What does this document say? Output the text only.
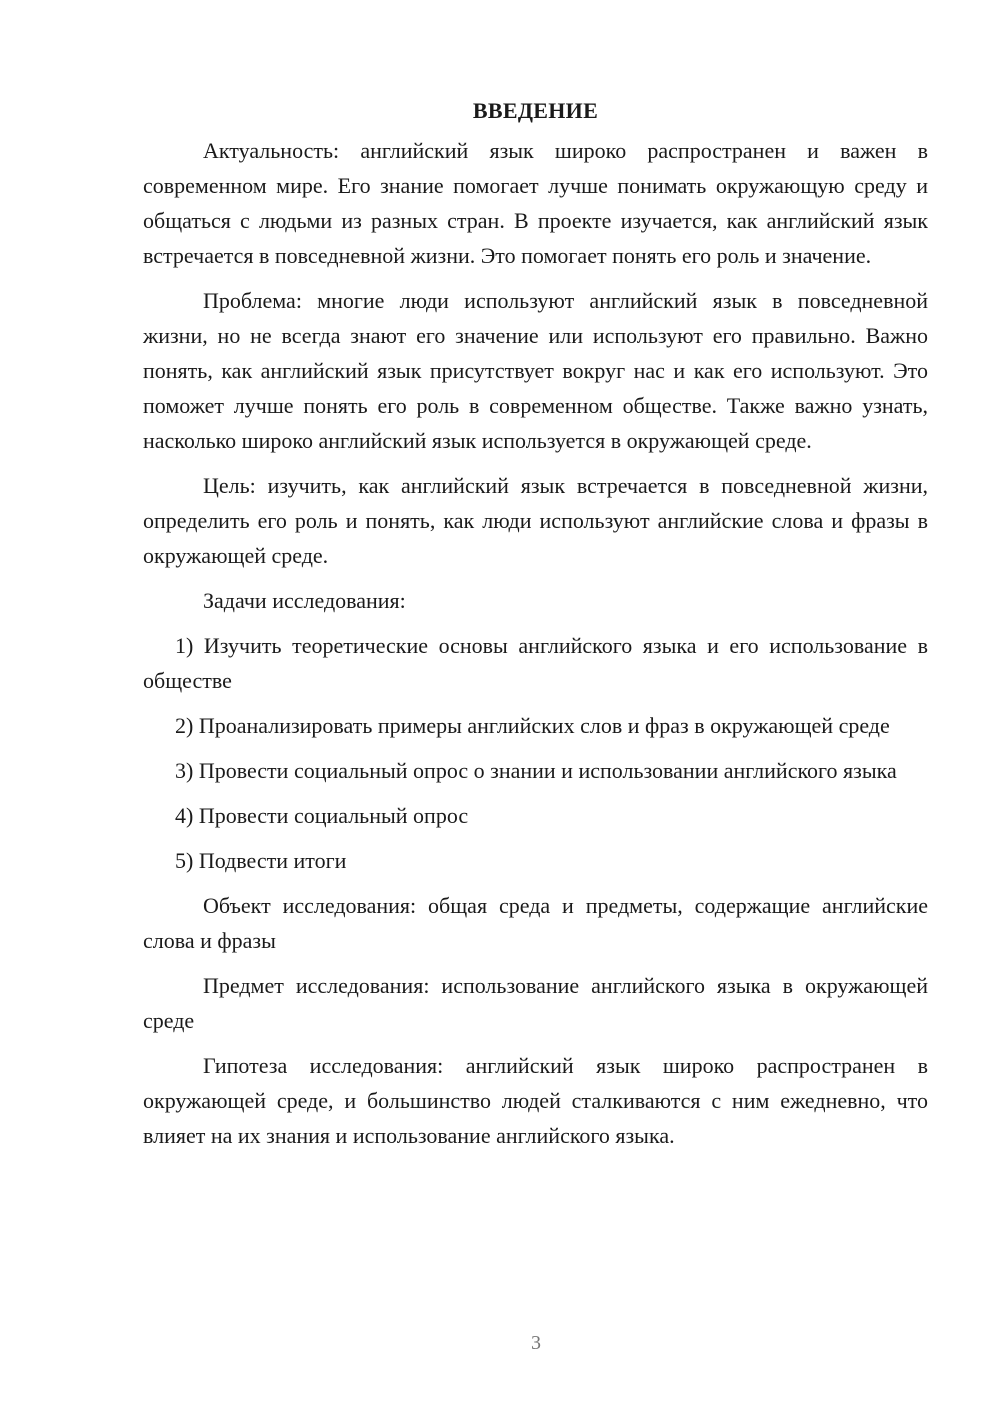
ВВЕДЕНИЕ

Актуальность: английский язык широко распространен и важен в современном мире. Его знание помогает лучше понимать окружающую среду и общаться с людьми из разных стран. В проекте изучается, как английский язык встречается в повседневной жизни. Это помогает понять его роль и значение.

Проблема: многие люди используют английский язык в повседневной жизни, но не всегда знают его значение или используют его правильно. Важно понять, как английский язык присутствует вокруг нас и как его используют. Это поможет лучше понять его роль в современном обществе. Также важно узнать, насколько широко английский язык используется в окружающей среде.

Цель: изучить, как английский язык встречается в повседневной жизни, определить его роль и понять, как люди используют английские слова и фразы в окружающей среде.

Задачи исследования:

1) Изучить теоретические основы английского языка и его использование в обществе

2) Проанализировать примеры английских слов и фраз в окружающей среде

3) Провести социальный опрос о знании и использовании английского языка

4) Провести социальный опрос

5) Подвести итоги

Объект исследования: общая среда и предметы, содержащие английские слова и фразы

Предмет исследования: использование английского языка в окружающей среде

Гипотеза исследования: английский язык широко распространен в окружающей среде, и большинство людей сталкиваются с ним ежедневно, что влияет на их знания и использование английского языка.

3
